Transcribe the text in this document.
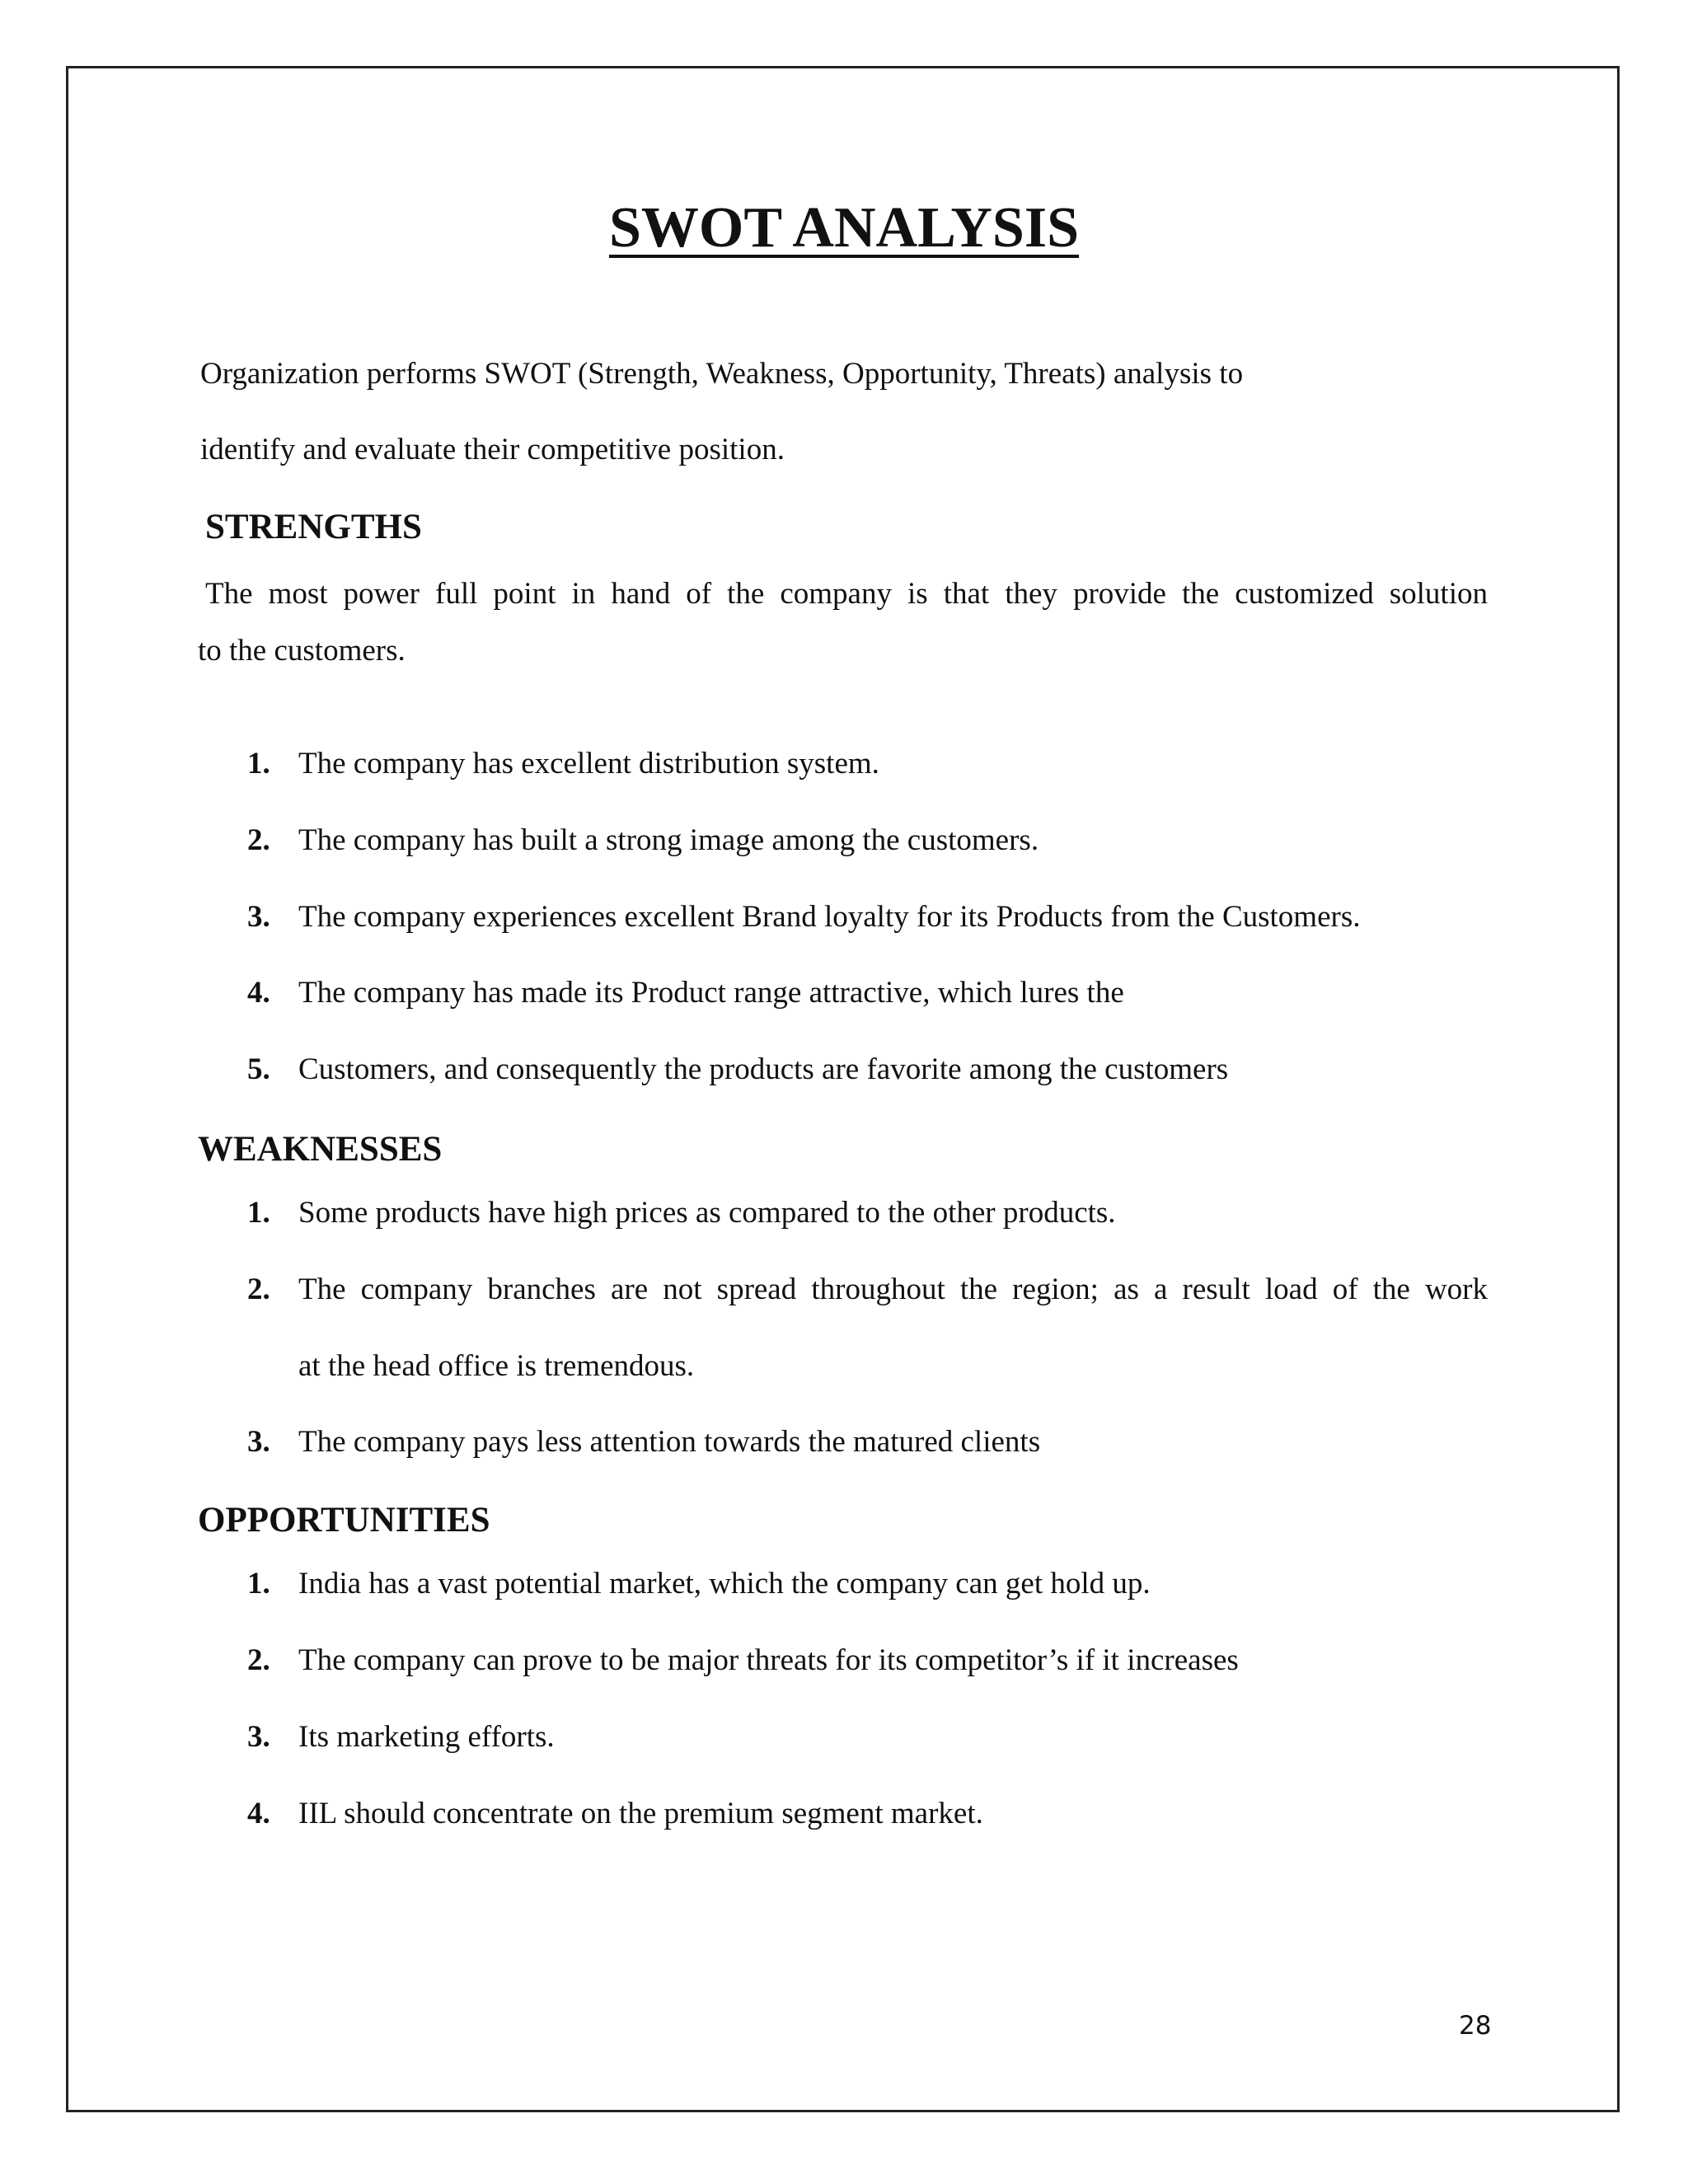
SWOT ANALYSIS

Organization performs SWOT (Strength, Weakness, Opportunity, Threats) analysis to

identify and evaluate their competitive position.

STRENGTHS

The most power full point in hand of the company is that they provide the customized solution

to the customers.

1. The company has excellent distribution system.
2. The company has built a strong image among the customers.
3. The company experiences excellent Brand loyalty for its Products from the Customers.
4. The company has made its Product range attractive, which lures the
5. Customers, and consequently the products are favorite among the customers
WEAKNESSES
1. Some products have high prices as compared to the other products.
2. The company branches are not spread throughout the region; as a result load of the work
at the head office is tremendous.
3. The company pays less attention towards the matured clients
OPPORTUNITIES
1. India has a vast potential market, which the company can get hold up.
2. The company can prove to be major threats for its competitor’s if it increases
3. Its marketing efforts.
4. IIL should concentrate on the premium segment market.
28
